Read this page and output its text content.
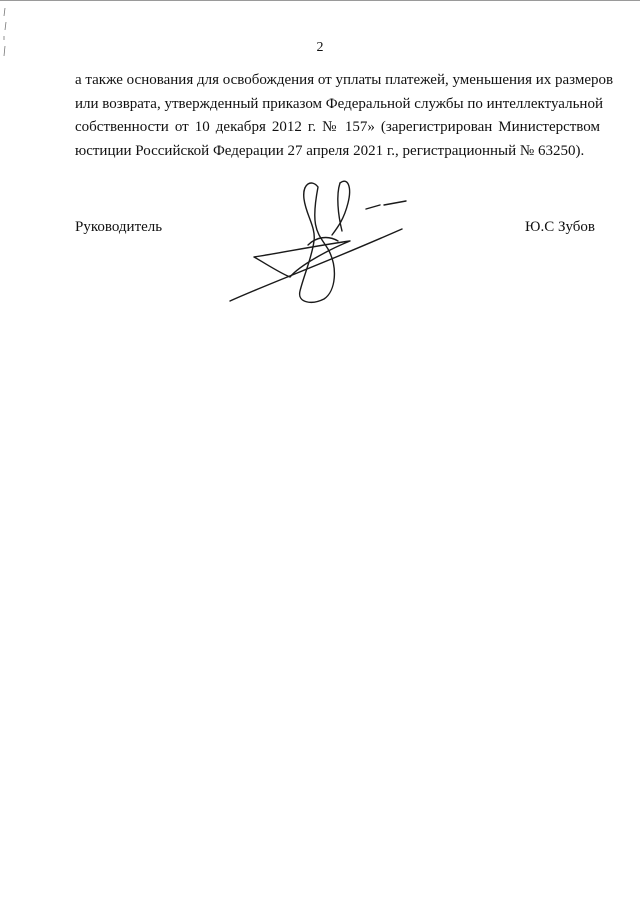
2

а также основания для освобождения от уплаты платежей, уменьшения их размеров
или возврата, утвержденный приказом Федеральной службы по интеллектуальной
собственности от 10 декабря 2012 г. № 157» (зарегистрирован Министерством
юстиции Российской Федерации 27 апреля 2021 г., регистрационный № 63250).

Руководитель	Ю.С Зубов
